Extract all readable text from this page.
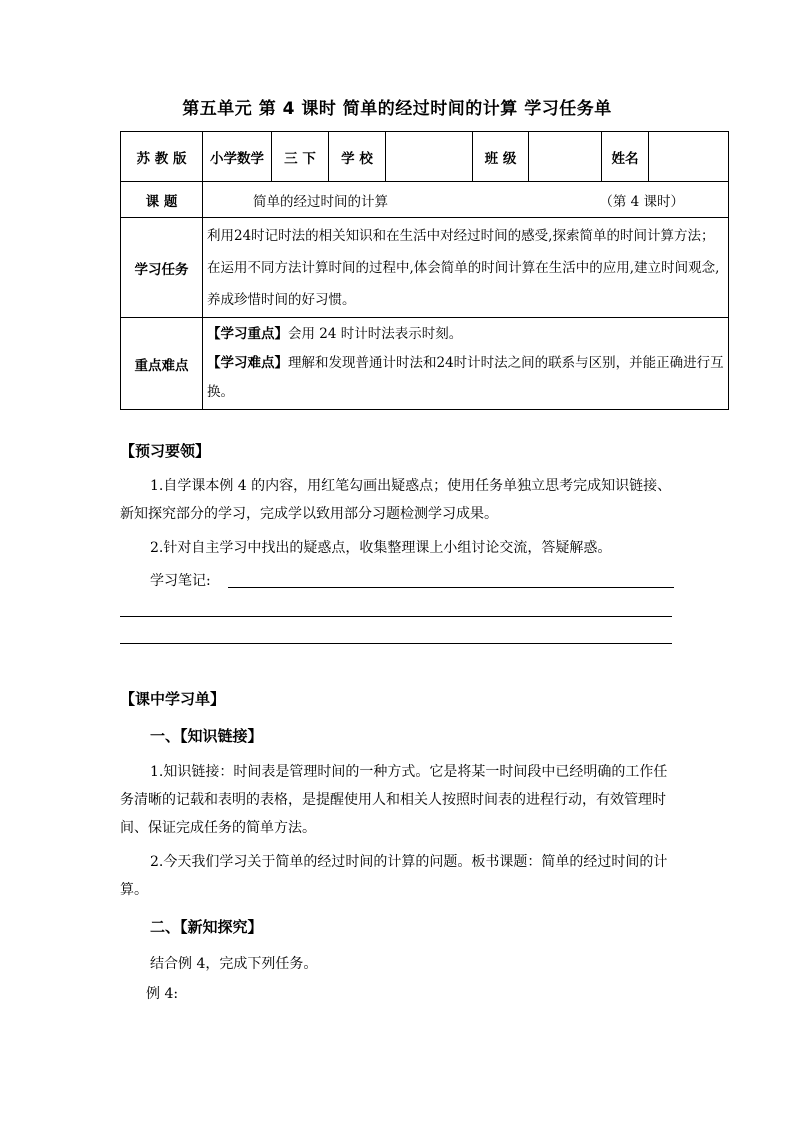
第五单元 第 4 课时 简单的经过时间的计算 学习任务单
苏 教 版	小学数学	三 下	学 校		班 级		姓名	
课 题	简单的经过时间的计算 （第 4 课时）							

学习任务	利用24时记时法的相关知识和在生活中对经过时间的感受,探索简单的时间计算方法；在运用不同方法计算时间的过程中,体会简单的时间计算在生活中的应用,建立时间观念,养成珍惜时间的好习惯。							
重点难点	【学习重点】会用 24 时计时法表示时刻。
【学习难点】理解和发现普通计时法和24时计时法之间的联系与区别，并能正确进行互换。							
【预习要领】
1.自学课本例 4 的内容，用红笔勾画出疑惑点；使用任务单独立思考完成知识链接、新知探究部分的学习，完成学以致用部分习题检测学习成果。
2.针对自主学习中找出的疑惑点，收集整理课上小组讨论交流，答疑解惑。
学习笔记:
【课中学习单】
一、【知识链接】
1.知识链接：时间表是管理时间的一种方式。它是将某一时间段中已经明确的工作任务清晰的记载和表明的表格，是提醒使用人和相关人按照时间表的进程行动，有效管理时间、保证完成任务的简单方法。
2.今天我们学习关于简单的经过时间的计算的问题。板书课题：简单的经过时间的计算。
二、【新知探究】
结合例 4，完成下列任务。
例 4:
